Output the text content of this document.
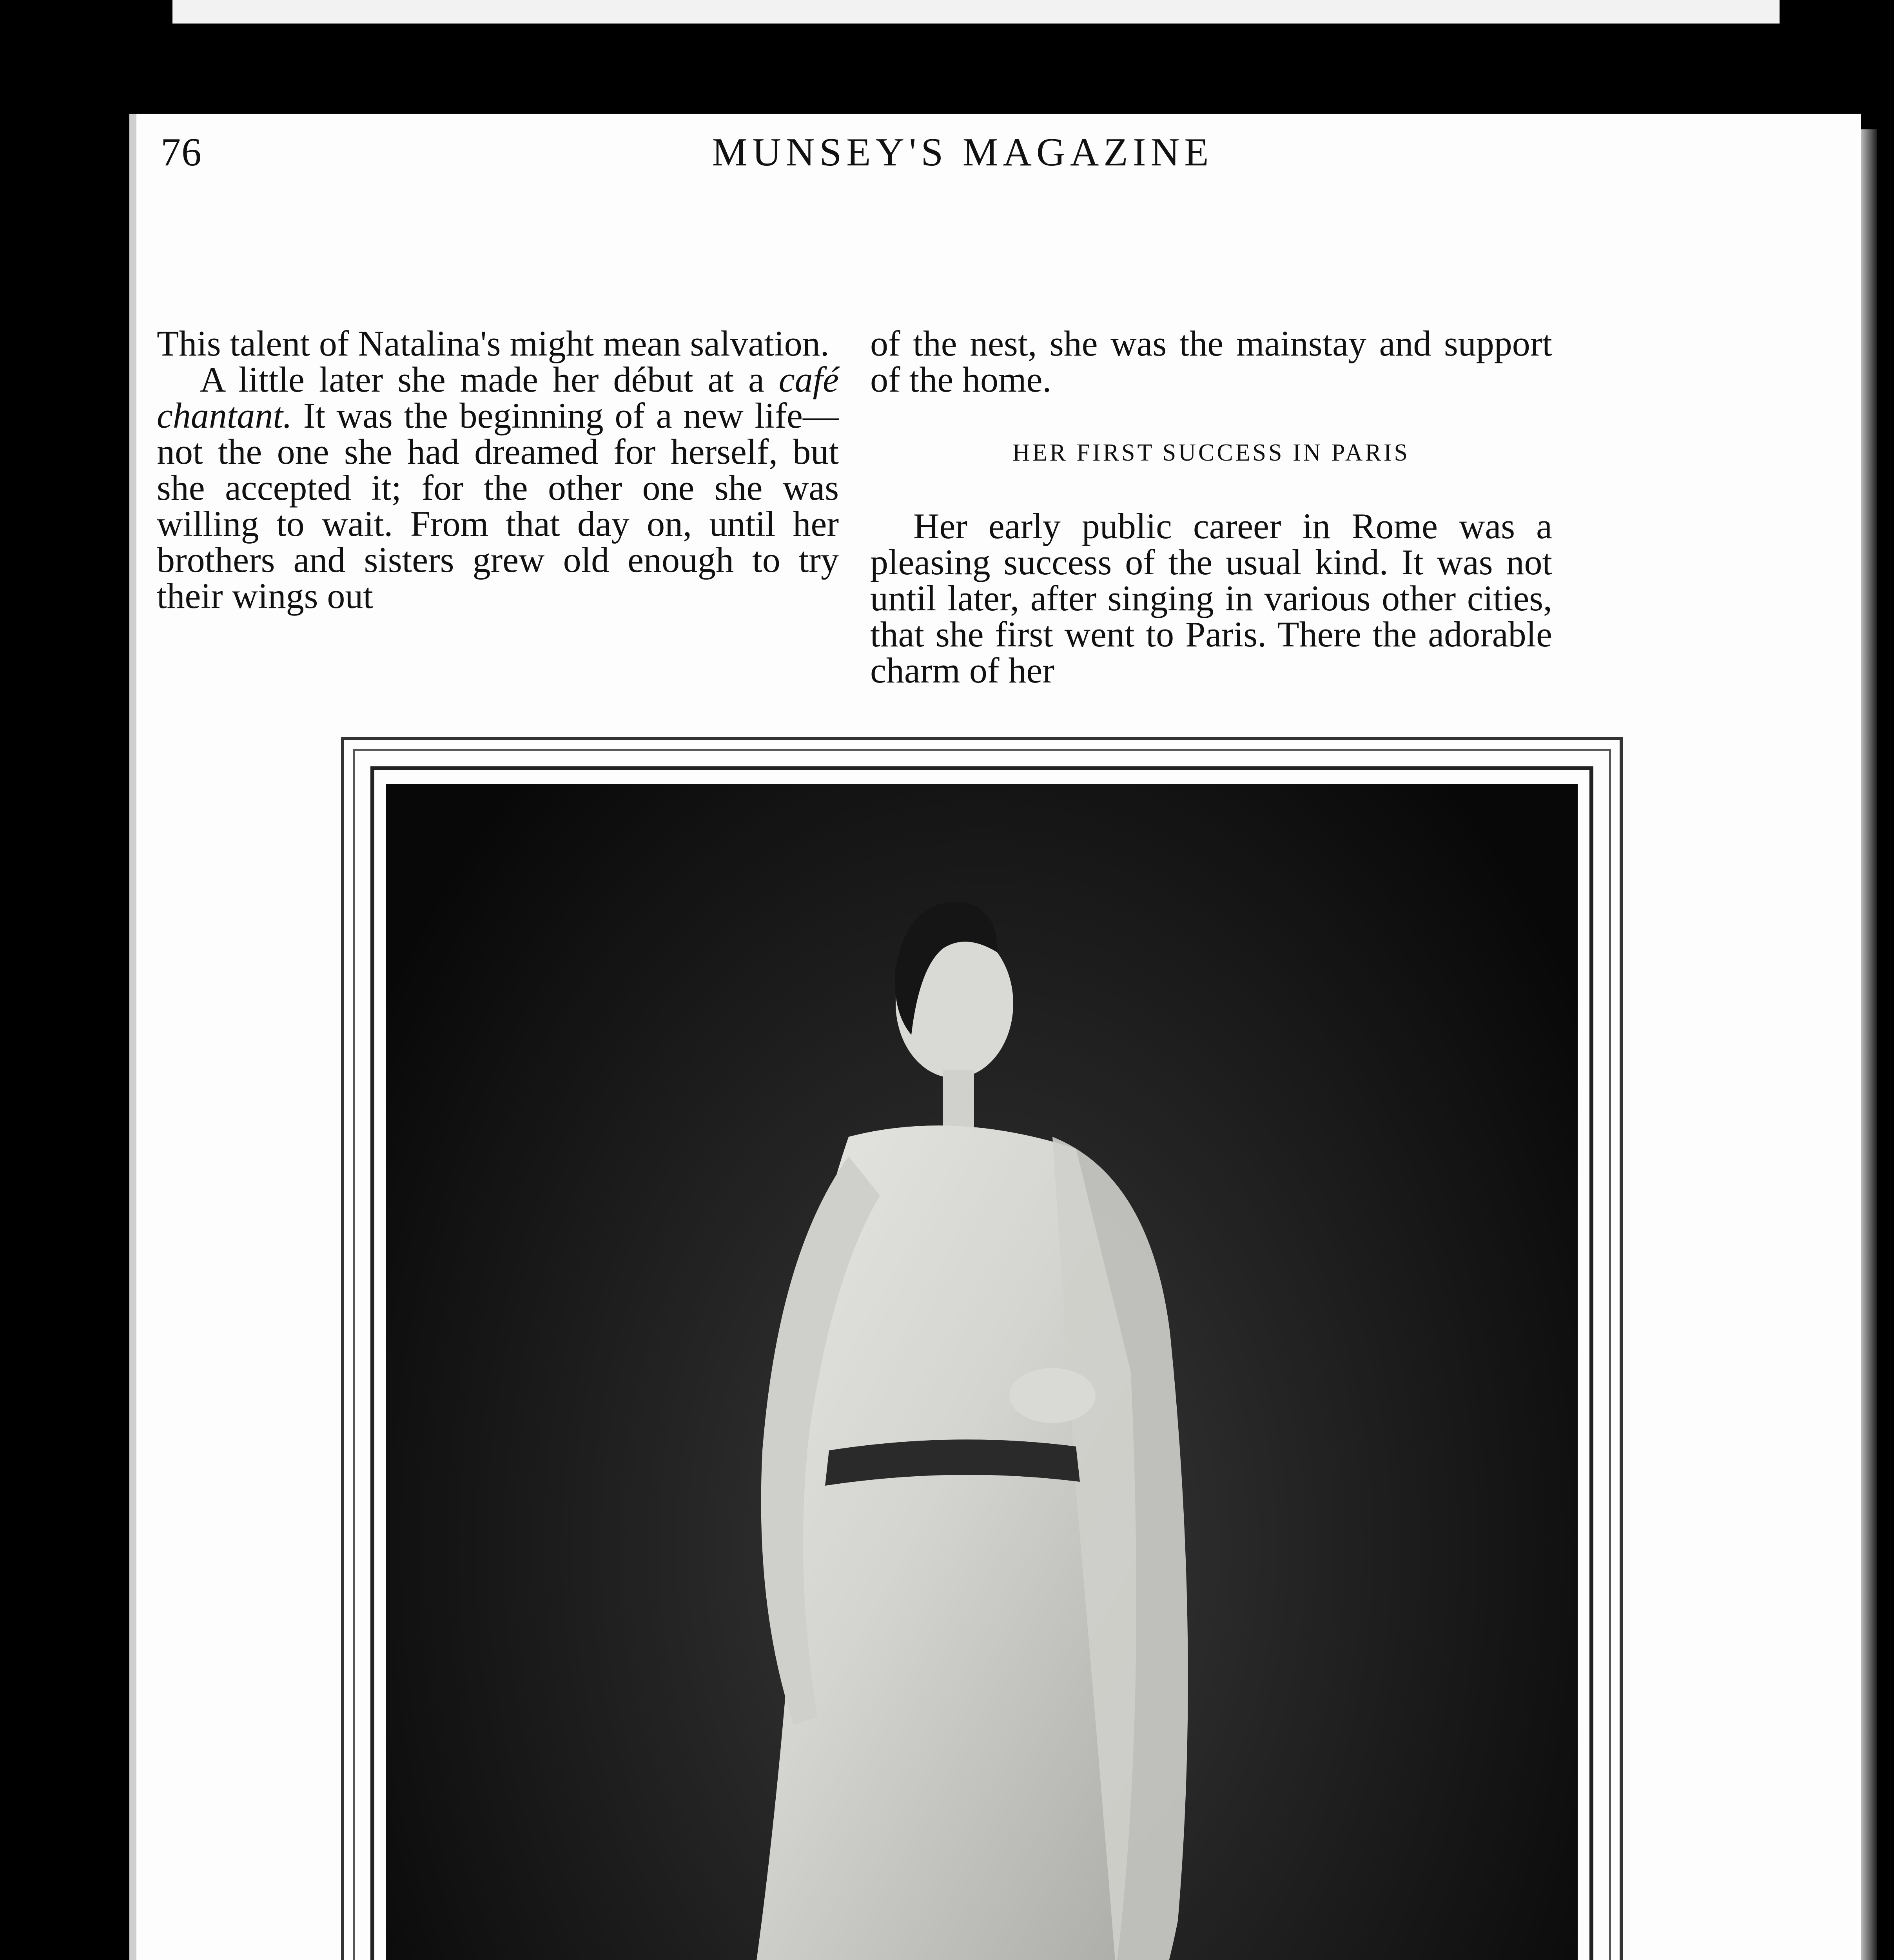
76	MUNSEY'S MAGAZINE

This talent of Natalina's might mean salvation.

A little later she made her début at a café chantant. It was the beginning of a new life—not the one she had dreamed for herself, but she accepted it; for the other one she was willing to wait. From that day on, until her brothers and sisters grew old enough to try their wings out

of the nest, she was the mainstay and support of the home.

HER FIRST SUCCESS IN PARIS

Her early public career in Rome was a pleasing success of the usual kind. It was not until later, after singing in various other cities, that she first went to Paris. There the adorable charm of her
